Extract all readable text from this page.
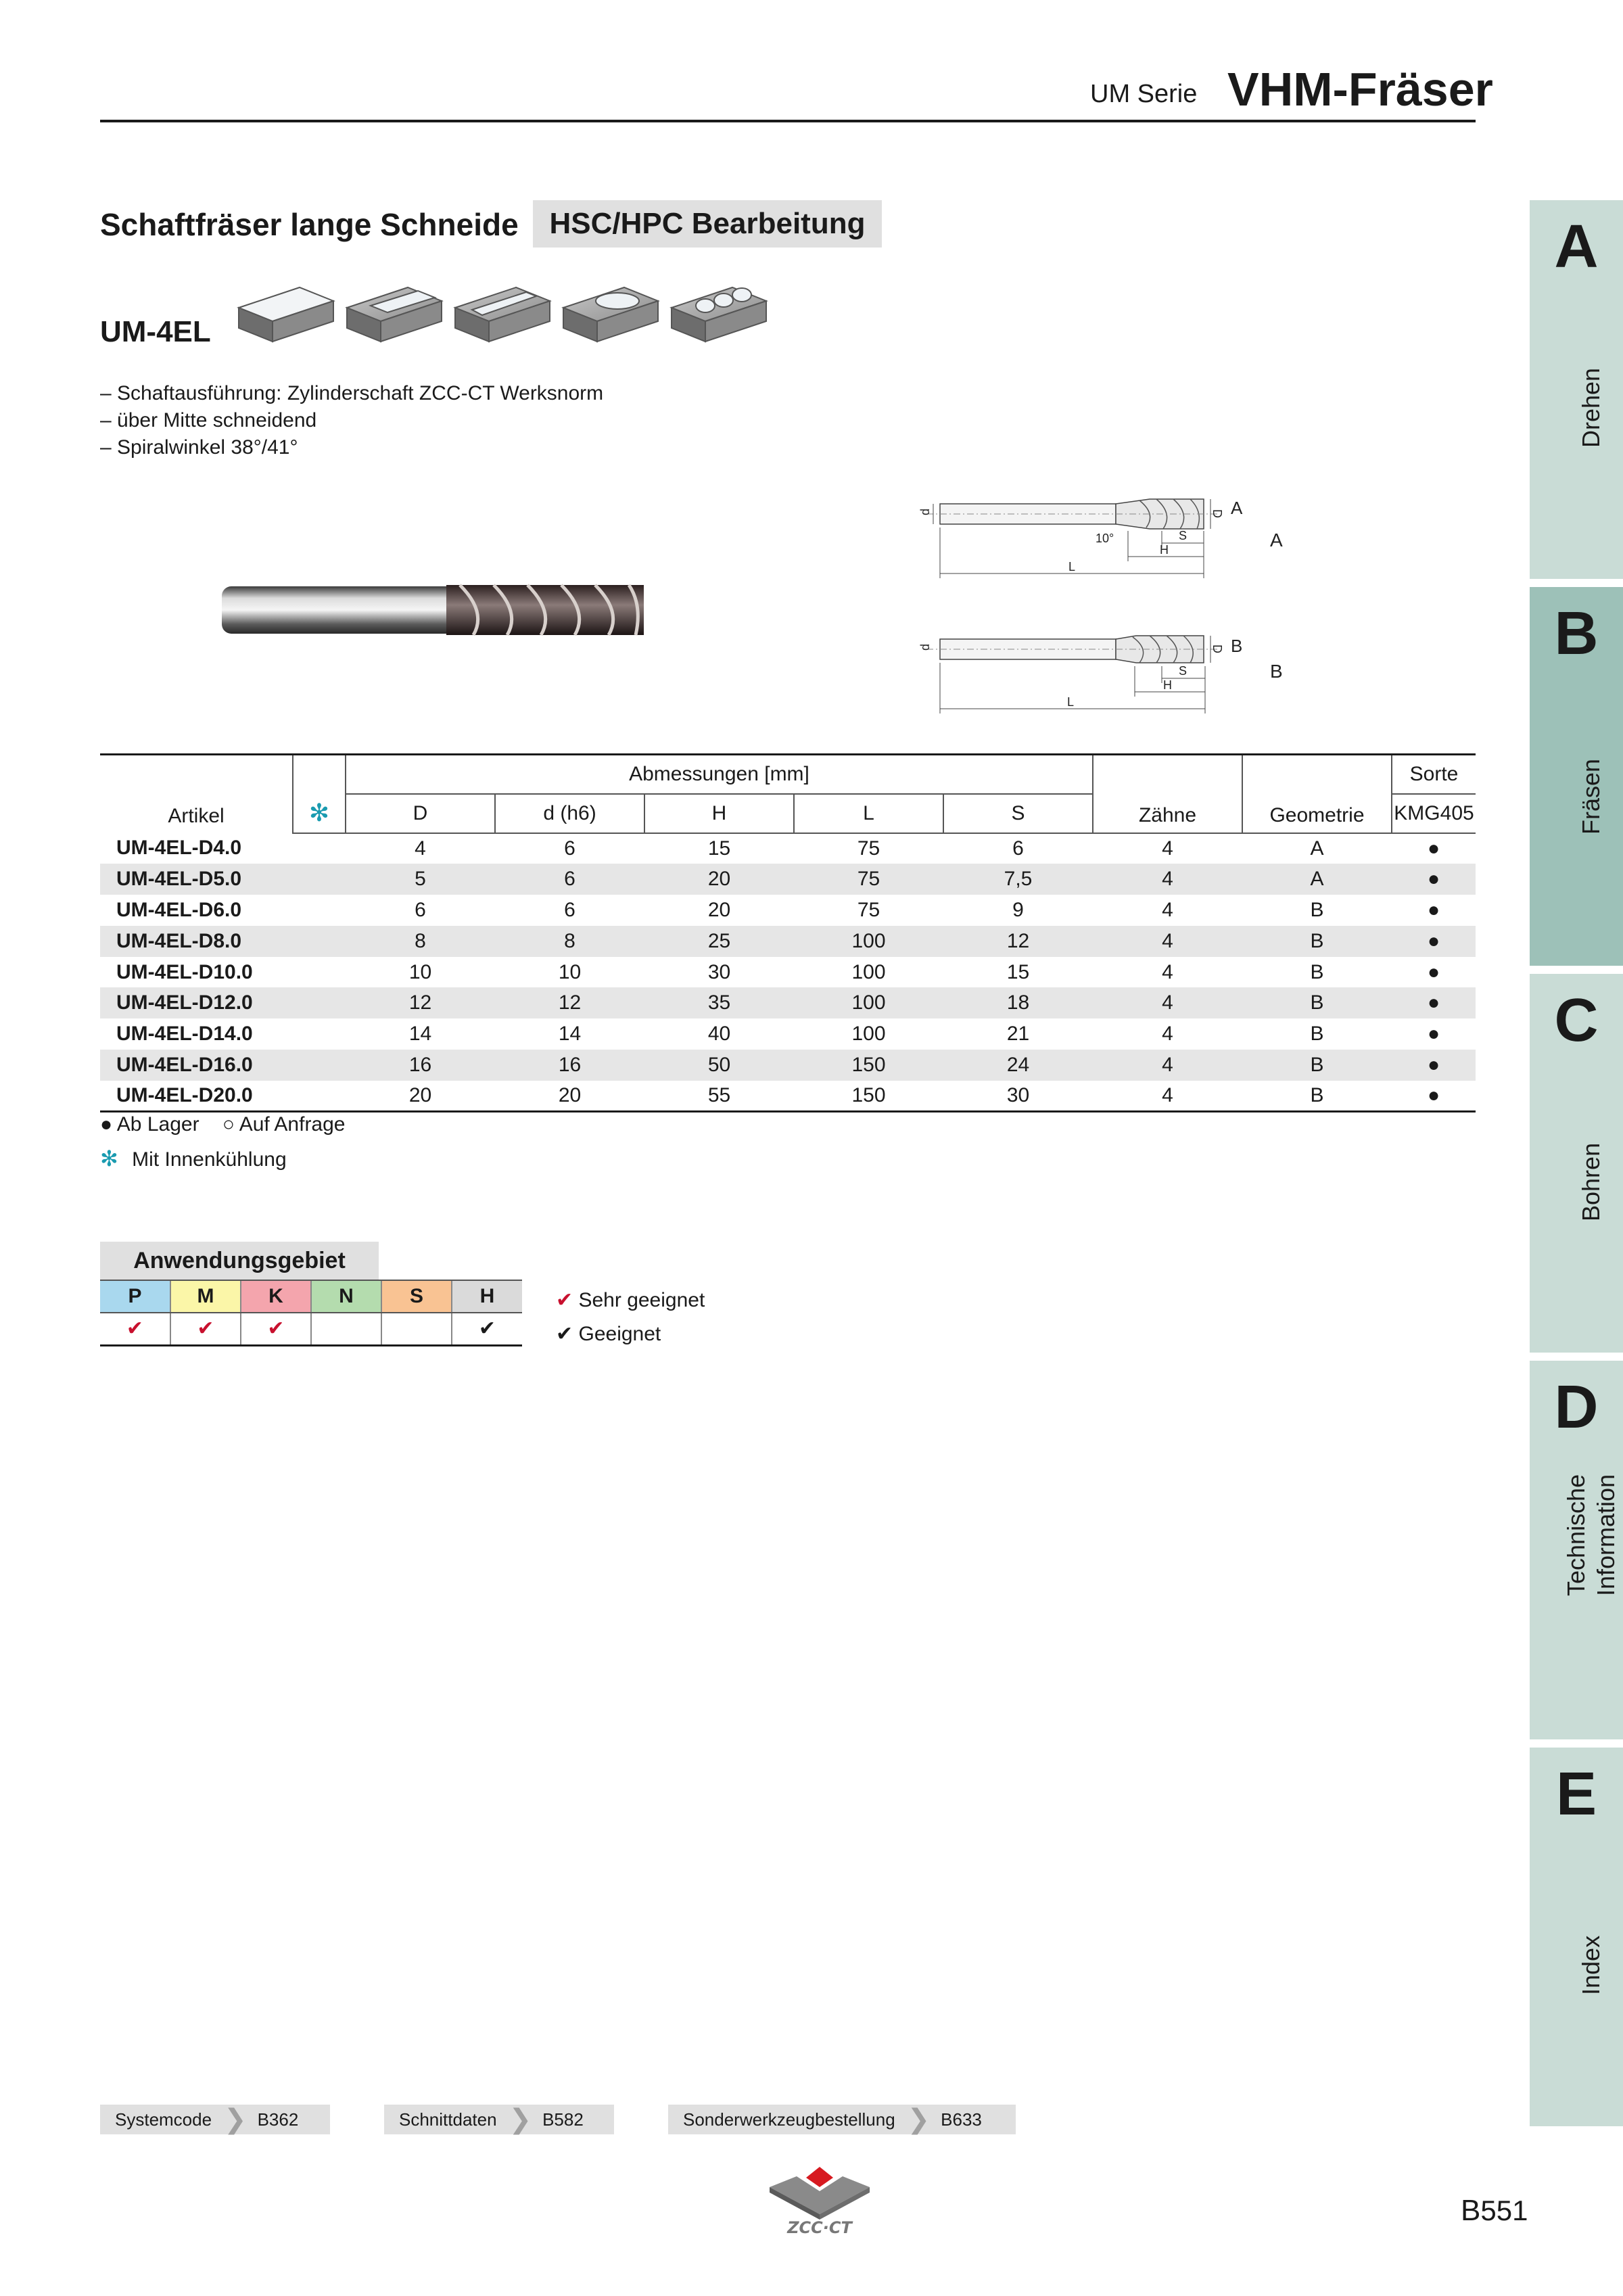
UM Serie VHM-Fräser
Schaftfräser lange Schneide	HSC/HPC Bearbeitung
UM-4EL
– Schaftausführung: Zylinderschaft ZCC-CT Werksnorm
– über Mitte schneidend
– Spiralwinkel 38°/41°
d	D
10°	S
H
L
A
A
d	D
S
H
L
B
B
Artikel	✻	Abmessungen [mm]					Zähne	Geometrie	Sorte
		D	d (h6)	H	L	S			KMG405
UM-4EL-D4.0		4	6	15	75	6	4	A	●
UM-4EL-D5.0		5	6	20	75	7,5	4	A	●
UM-4EL-D6.0		6	6	20	75	9	4	B	●
UM-4EL-D8.0		8	8	25	100	12	4	B	●
UM-4EL-D10.0		10	10	30	100	15	4	B	●
UM-4EL-D12.0		12	12	35	100	18	4	B	●
UM-4EL-D14.0		14	14	40	100	21	4	B	●
UM-4EL-D16.0		16	16	50	150	24	4	B	●
UM-4EL-D20.0		20	20	55	150	30	4	B	●
● Ab Lager ○ Auf Anfrage
✻ Mit Innenkühlung
Anwendungsgebiet
P	M	K	N	S	H
✔	✔	✔			✔
✔ Sehr geeignet
✔ Geeignet
A
Drehen
B
Fräsen
C
Bohren
D
Technische
Information
E
Index
Systemcode ❯ B362	Schnittdaten ❯ B582	Sonderwerkzeugbestellung ❯ B633
ZCC·CT
B551
